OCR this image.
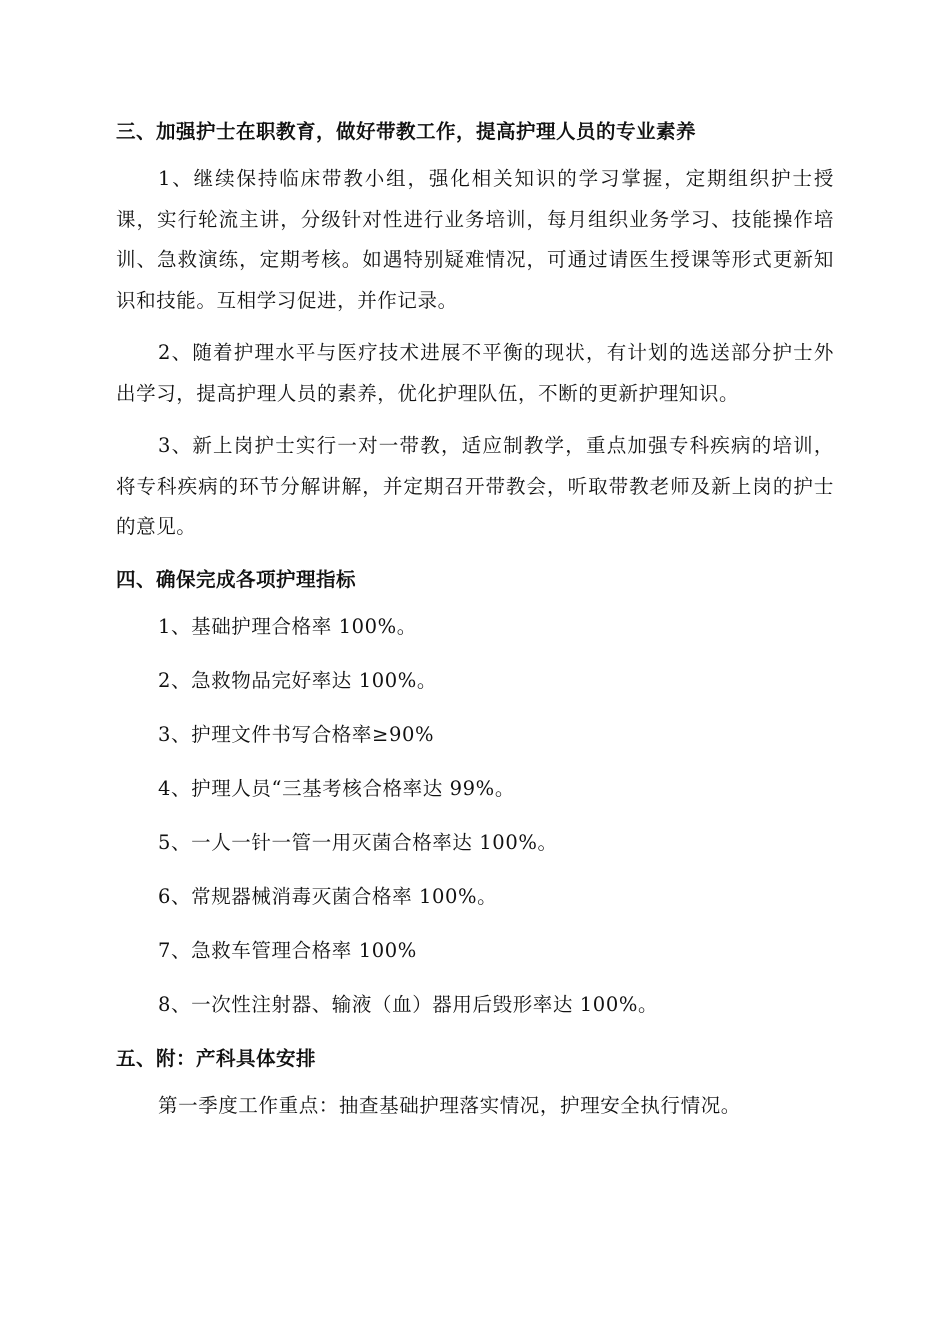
三、加强护士在职教育，做好带教工作，提高护理人员的专业素养

1、继续保持临床带教小组，强化相关知识的学习掌握，定期组织护士授课，实行轮流主讲，分级针对性进行业务培训，每月组织业务学习、技能操作培训、急救演练，定期考核。如遇特别疑难情况，可通过请医生授课等形式更新知识和技能。互相学习促进，并作记录。

2、随着护理水平与医疗技术进展不平衡的现状，有计划的选送部分护士外出学习，提高护理人员的素养，优化护理队伍，不断的更新护理知识。

3、新上岗护士实行一对一带教，适应制教学，重点加强专科疾病的培训，将专科疾病的环节分解讲解，并定期召开带教会，听取带教老师及新上岗的护士的意见。

四、确保完成各项护理指标
1、基础护理合格率 100%。
2、急救物品完好率达 100%。
3、护理文件书写合格率≥90%
4、护理人员“三基考核合格率达 99%。
5、一人一针一管一用灭菌合格率达 100%。
6、常规器械消毒灭菌合格率 100%。
7、急救车管理合格率 100%
8、一次性注射器、输液（血）器用后毁形率达 100%。
五、附：产科具体安排

第一季度工作重点：抽查基础护理落实情况，护理安全执行情况。
